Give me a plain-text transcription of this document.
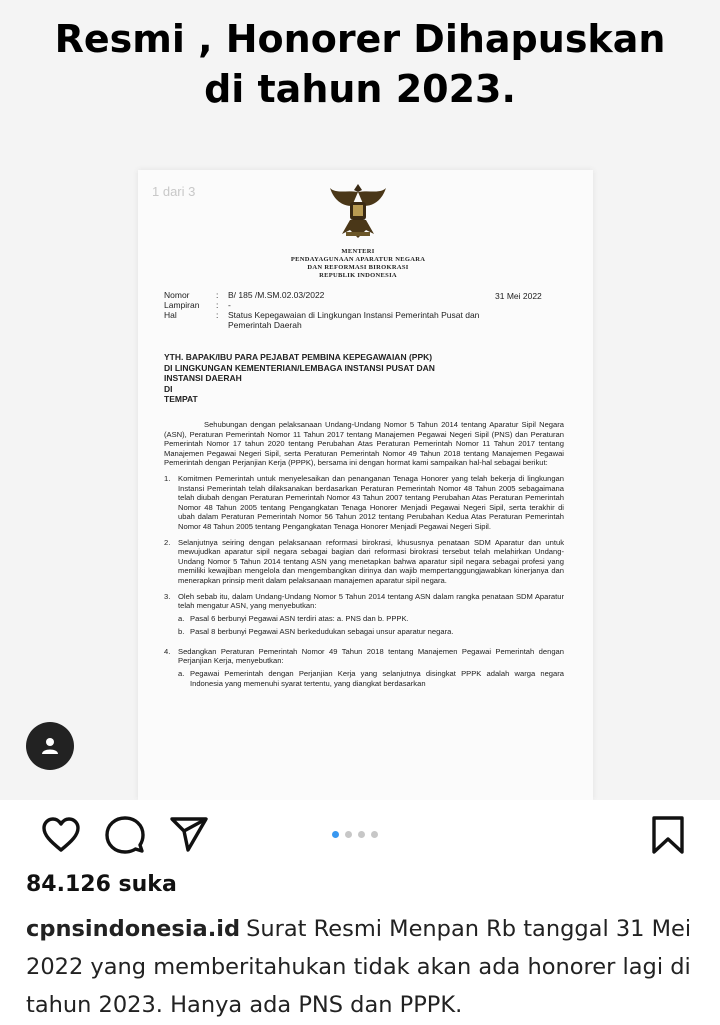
Resmi , Honorer Dihapuskan
di tahun 2023.
1 dari 3
MENTERI
PENDAYAGUNAAN APARATUR NEGARA
DAN REFORMASI BIROKRASI
REPUBLIK INDONESIA
Nomor	:	B/ 185 /M.SM.02.03/2022
Lampiran	:	-
Hal	:	Status Kepegawaian di Lingkungan Instansi Pemerintah Pusat dan Pemerintah Daerah
31 Mei 2022
YTH. BAPAK/IBU PARA PEJABAT PEMBINA KEPEGAWAIAN (PPK)
DI LINGKUNGAN KEMENTERIAN/LEMBAGA INSTANSI PUSAT DAN
INSTANSI DAERAH
DI
TEMPAT

Sehubungan dengan pelaksanaan Undang-Undang Nomor 5 Tahun 2014 tentang Aparatur Sipil Negara (ASN), Peraturan Pemerintah Nomor 11 Tahun 2017 tentang Manajemen Pegawai Negeri Sipil (PNS) dan Peraturan Pemerintah Nomor 17 tahun 2020 tentang Perubahan Atas Peraturan Pemerintah Nomor 11 Tahun 2017 tentang Manajemen Pegawai Negeri Sipil, serta Peraturan Pemerintah Nomor 49 Tahun 2018 tentang Manajemen Pegawai Pemerintah dengan Perjanjian Kerja (PPPK), bersama ini dengan hormat kami sampaikan hal-hal sebagai berikut:

1.	Komitmen Pemerintah untuk menyelesaikan dan penanganan Tenaga Honorer yang telah bekerja di lingkungan Instansi Pemerintah telah dilaksanakan berdasarkan Peraturan Pemerintah Nomor 48 Tahun 2005 sebagaimana telah diubah dengan Peraturan Pemerintah Nomor 43 Tahun 2007 tentang Perubahan Atas Peraturan Pemerintah Nomor 48 Tahun 2005 tentang Pengangkatan Tenaga Honorer Menjadi Pegawai Negeri Sipil, serta terakhir di ubah dalam Peraturan Pemerintah Nomor 56 Tahun 2012 tentang Perubahan Kedua Atas Peraturan Pemerintah Nomor 48 Tahun 2005 tentang Pengangkatan Tenaga Honorer Menjadi Pegawai Negeri Sipil.
2.	Selanjutnya seiring dengan pelaksanaan reformasi birokrasi, khususnya penataan SDM Aparatur dan untuk mewujudkan aparatur sipil negara sebagai bagian dari reformasi birokrasi tersebut telah melahirkan Undang-Undang Nomor 5 Tahun 2014 tentang ASN yang menetapkan bahwa aparatur sipil negara sebagai profesi yang memiliki kewajiban mengelola dan mengembangkan dirinya dan wajib mempertanggungjawabkan kinerjanya dan menerapkan prinsip merit dalam pelaksanaan manajemen aparatur sipil negara.
3.	Oleh sebab itu, dalam Undang-Undang Nomor 5 Tahun 2014 tentang ASN dalam rangka penataan SDM Aparatur telah mengatur ASN, yang menyebutkan:
a. Pasal 6 berbunyi Pegawai ASN terdiri atas: a. PNS dan b. PPPK.
b. Pasal 8 berbunyi Pegawai ASN berkedudukan sebagai unsur aparatur negara.
4.	Sedangkan Peraturan Pemerintah Nomor 49 Tahun 2018 tentang Manajemen Pegawai Pemerintah dengan Perjanjian Kerja, menyebutkan:
a. Pegawai Pemerintah dengan Perjanjian Kerja yang selanjutnya disingkat PPPK adalah warga negara Indonesia yang memenuhi syarat tertentu, yang diangkat berdasarkan
84.126 suka
cpnsindonesia.id Surat Resmi Menpan Rb tanggal 31 Mei 2022 yang memberitahukan tidak akan ada honorer lagi di tahun 2023. Hanya ada PNS dan PPPK.
